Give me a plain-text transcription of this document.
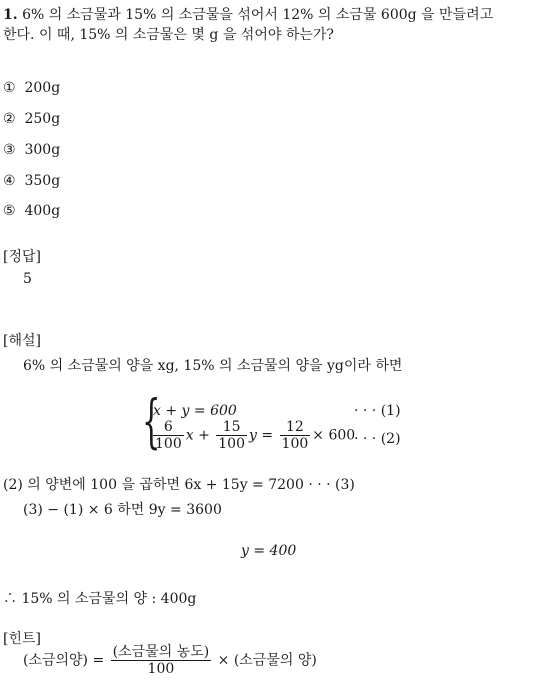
1. 6% 의 소금물과 15% 의 소금물을 섞어서 12% 의 소금물 600g 을 만들려고
한다. 이 때, 15% 의 소금물은 몇 g 을 섞어야 하는가?
① 200g
② 250g
③ 300g
④ 350g
⑤ 400g
[정답]
5
[해설]
6% 의 소금물의 양을 xg, 15% 의 소금물의 양을 yg이라 하면
{
x + y = 600	· · · (1)
$\frac{6}{100}$ $x + \frac{15}{100}$ $y = \frac{12}{100} \times 600$
· · · (2)
(2) 의 양변에 100 을 곱하면 6x + 15y = 7200 · · · (3)
(3) − (1) × 6 하면 9y = 3600
y = 400
∴ 15% 의 소금물의 양 : 400g
[힌트]
(소금의양) = $\frac{\text{(소금물의 농도)}}{100}$ × (소금물의 양)
